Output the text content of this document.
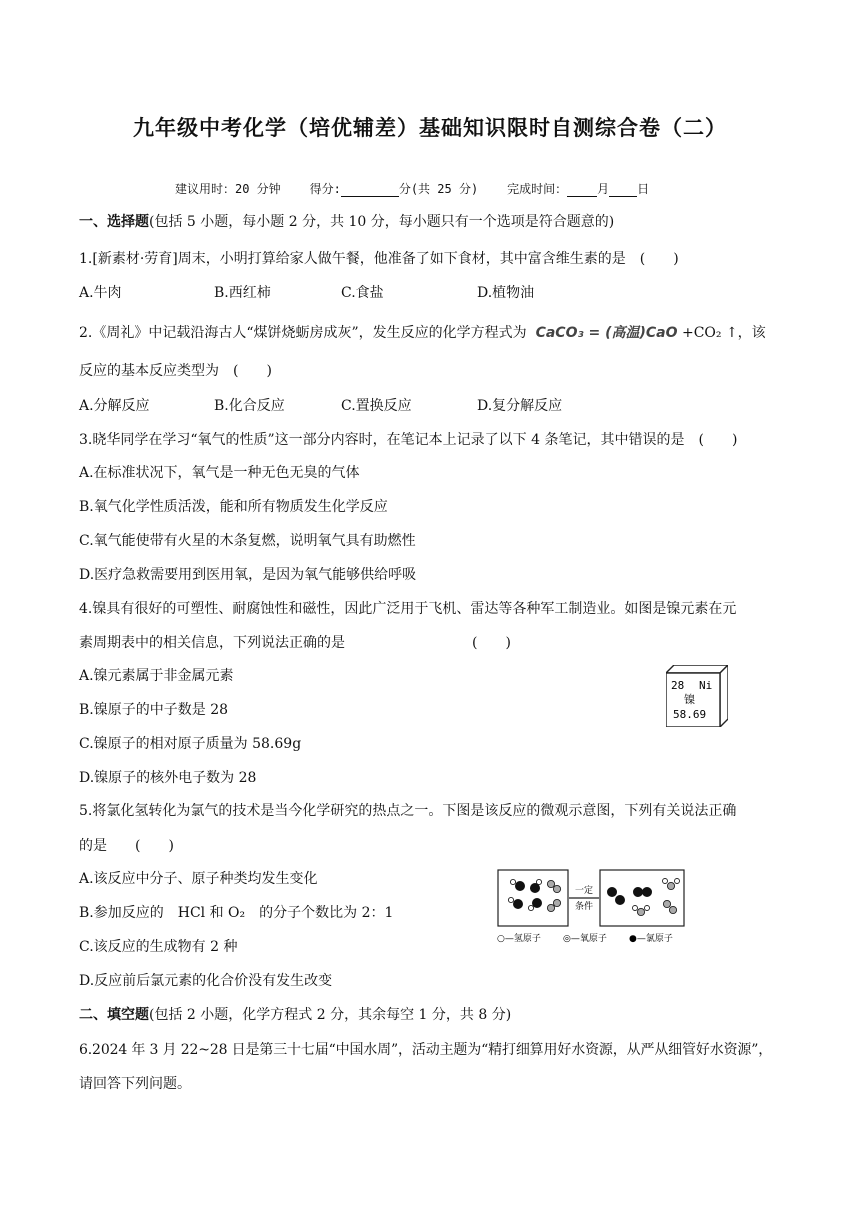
九年级中考化学（培优辅差）基础知识限时自测综合卷（二）
建议用时：20 分钟 得分:	分(共 25 分) 完成时间：	月 日
一、选择题(包括 5 小题，每小题 2 分，共 10 分，每小题只有一个选项是符合题意的)
1.[新素材·劳育]周末，小明打算给家人做午餐，他准备了如下食材，其中富含维生素的是　(　　)
A.牛肉	B.西红柿	C.食盐	D.植物油
2.《周礼》中记载沿海古人“煤饼烧蛎房成灰”，发生反应的化学方程式为 CaCO₃ = (高温)CaO +CO₂ ↑，该
反应的基本反应类型为　(　　)
A.分解反应	B.化合反应	C.置换反应	D.复分解反应
3.晓华同学在学习“氧气的性质”这一部分内容时，在笔记本上记录了以下 4 条笔记，其中错误的是　(　　)
A.在标准状况下，氧气是一种无色无臭的气体
B.氧气化学性质活泼，能和所有物质发生化学反应
C.氧气能使带有火星的木条复燃，说明氧气具有助燃性
D.医疗急救需要用到医用氧，是因为氧气能够供给呼吸
4.镍具有很好的可塑性、耐腐蚀性和磁性，因此广泛用于飞机、雷达等各种军工制造业。如图是镍元素在元
素周期表中的相关信息，下列说法正确的是	(　　)
A.镍元素属于非金属元素
B.镍原子的中子数是 28
C.镍原子的相对原子质量为 58.69g
D.镍原子的核外电子数为 28
28 Ni
镍
58.69
5.将氯化氢转化为氯气的技术是当今化学研究的热点之一。下图是该反应的微观示意图，下列有关说法正确
的是　　(　　)
A.该反应中分子、原子种类均发生变化
B.参加反应的　HCl 和 O₂　的分子个数比为 2：1
C.该反应的生成物有 2 种
D.反应前后氯元素的化合价没有发生改变
一定
条件
○—氢原子 ◎—氧原子 ●—氯原子
二、填空题(包括 2 小题，化学方程式 2 分，其余每空 1 分，共 8 分)
6.2024 年 3 月 22~28 日是第三十七届“中国水周”，活动主题为“精打细算用好水资源，从严从细管好水资源”，
请回答下列问题。
